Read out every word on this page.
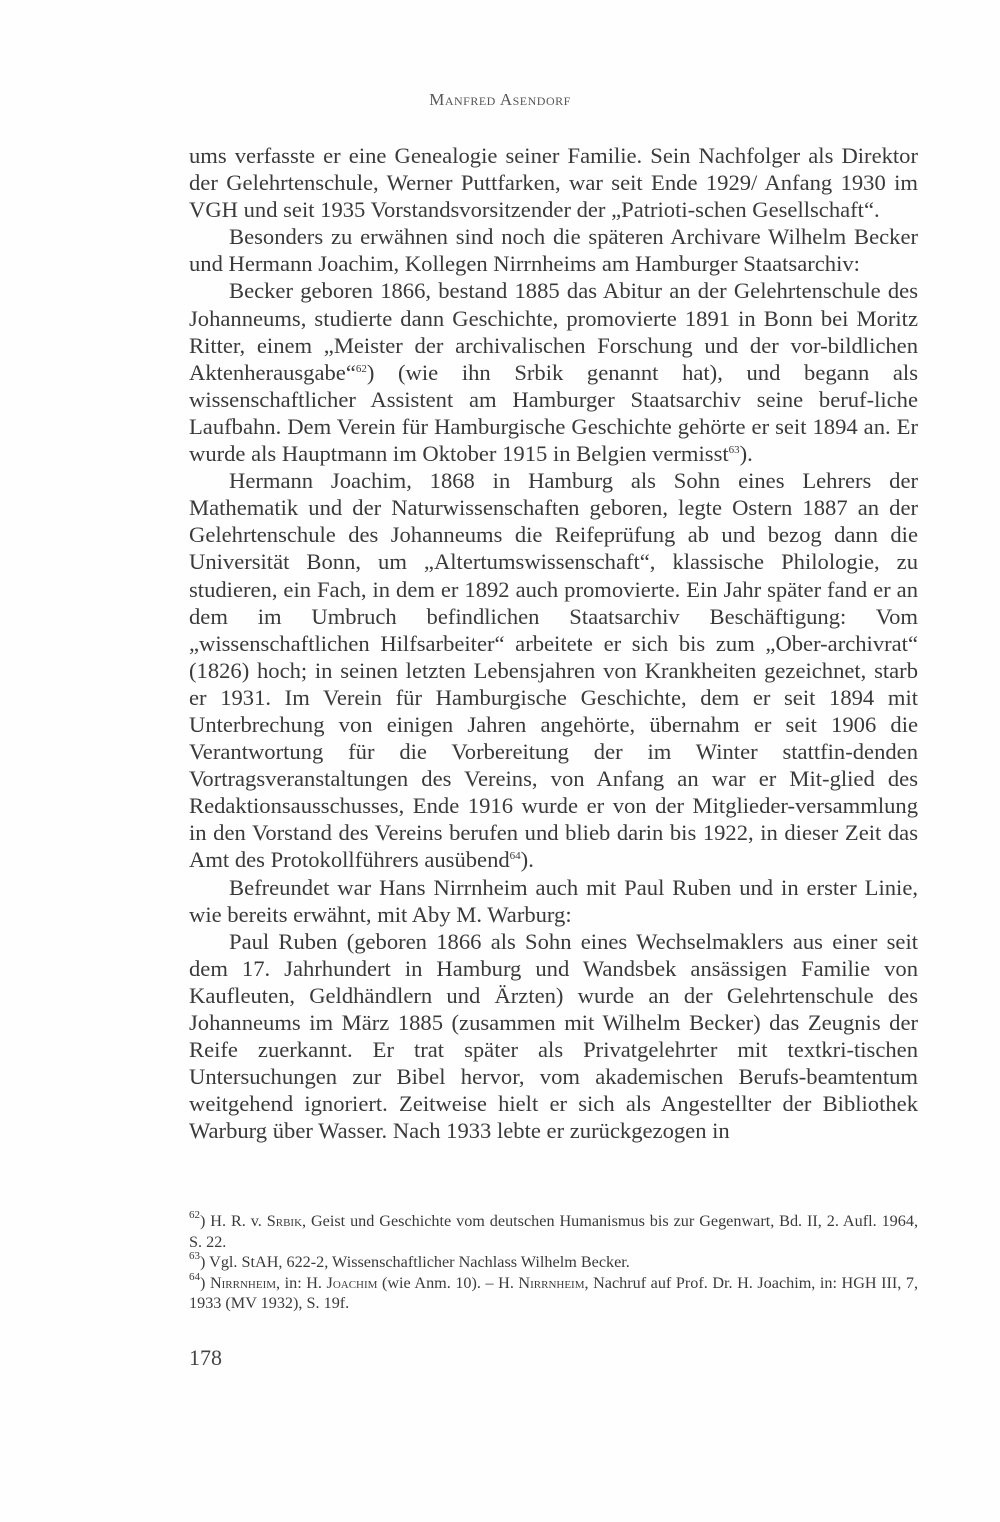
Manfred Asendorf

ums verfasste er eine Genealogie seiner Familie. Sein Nachfolger als Direktor der Gelehrtenschule, Werner Puttfarken, war seit Ende 1929/ Anfang 1930 im VGH und seit 1935 Vorstandsvorsitzender der „Patrioti-schen Gesellschaft“.

Besonders zu erwähnen sind noch die späteren Archivare Wilhelm Becker und Hermann Joachim, Kollegen Nirrnheims am Hamburger Staatsarchiv:

Becker geboren 1866, bestand 1885 das Abitur an der Gelehrtenschule des Johanneums, studierte dann Geschichte, promovierte 1891 in Bonn bei Moritz Ritter, einem „Meister der archivalischen Forschung und der vor-bildlichen Aktenherausgabe“$^{62}$) (wie ihn Srbik genannt hat), und begann als wissenschaftlicher Assistent am Hamburger Staatsarchiv seine beruf-liche Laufbahn. Dem Verein für Hamburgische Geschichte gehörte er seit 1894 an. Er wurde als Hauptmann im Oktober 1915 in Belgien vermisst$^{63}$).

Hermann Joachim, 1868 in Hamburg als Sohn eines Lehrers der Mathematik und der Naturwissenschaften geboren, legte Ostern 1887 an der Gelehrtenschule des Johanneums die Reifeprüfung ab und bezog dann die Universität Bonn, um „Altertumswissenschaft“, klassische Philologie, zu studieren, ein Fach, in dem er 1892 auch promovierte. Ein Jahr später fand er an dem im Umbruch befindlichen Staatsarchiv Beschäftigung: Vom „wissenschaftlichen Hilfsarbeiter“ arbeitete er sich bis zum „Ober-archivrat“ (1826) hoch; in seinen letzten Lebensjahren von Krankheiten gezeichnet, starb er 1931. Im Verein für Hamburgische Geschichte, dem er seit 1894 mit Unterbrechung von einigen Jahren angehörte, übernahm er seit 1906 die Verantwortung für die Vorbereitung der im Winter stattfin-denden Vortragsveranstaltungen des Vereins, von Anfang an war er Mit-glied des Redaktionsausschusses, Ende 1916 wurde er von der Mitglieder-versammlung in den Vorstand des Vereins berufen und blieb darin bis 1922, in dieser Zeit das Amt des Protokollführers ausübend$^{64}$).

Befreundet war Hans Nirrnheim auch mit Paul Ruben und in erster Linie, wie bereits erwähnt, mit Aby M. Warburg:

Paul Ruben (geboren 1866 als Sohn eines Wechselmaklers aus einer seit dem 17. Jahrhundert in Hamburg und Wandsbek ansässigen Familie von Kaufleuten, Geldhändlern und Ärzten) wurde an der Gelehrtenschule des Johanneums im März 1885 (zusammen mit Wilhelm Becker) das Zeugnis der Reife zuerkannt. Er trat später als Privatgelehrter mit textkri-tischen Untersuchungen zur Bibel hervor, vom akademischen Berufs-beamtentum weitgehend ignoriert. Zeitweise hielt er sich als Angestellter der Bibliothek Warburg über Wasser. Nach 1933 lebte er zurückgezogen in

$^{62}$) H. R. v. Srbik, Geist und Geschichte vom deutschen Humanismus bis zur Gegenwart, Bd. II, 2. Aufl. 1964, S. 22.

$^{63}$) Vgl. StAH, 622-2, Wissenschaftlicher Nachlass Wilhelm Becker.

$^{64}$) Nirrnheim, in: H. Joachim (wie Anm. 10). – H. Nirrnheim, Nachruf auf Prof. Dr. H. Joachim, in: HGH III, 7, 1933 (MV 1932), S. 19f.

178
